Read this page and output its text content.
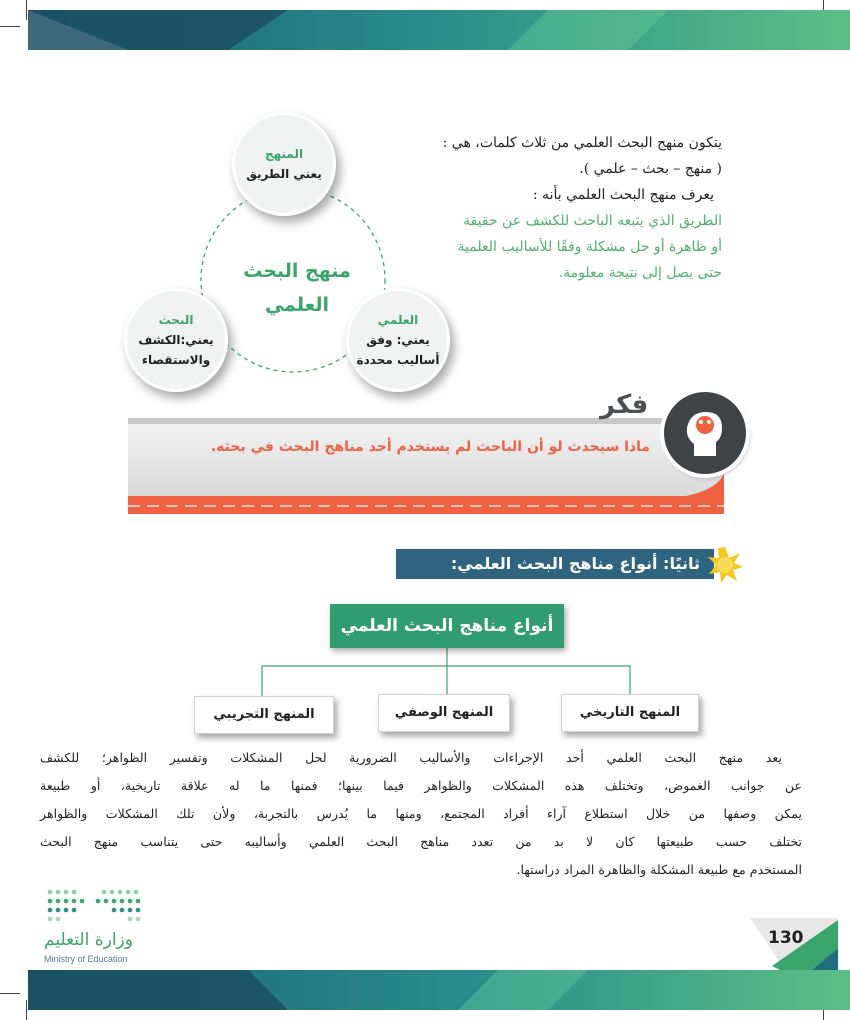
يتكون منهج البحث العلمي من ثلاث كلمات، هي :
( منهج – بحث – علمي ).
يعرف منهج البحث العلمي بأنه :
الطريق الذي يتبعه الباحث للكشف عن حقيقة
أو ظاهرة أو حل مشكلة وفقًا للأساليب العلمية
حتى يصل إلى نتيجة معلومة.
منهج البحث
العلمي
المنهج
يعني الطريق
البحث
يعني:الكشف
والاستقصاء
العلمي
يعني: وفق
أساليب محددة
فكر
ماذا سيحدث لو أن الباحث لم يستخدم أحد مناهج البحث في بحثه.
ثانيًا: أنواع مناهج البحث العلمي:
أنواع مناهج البحث العلمي
المنهج التاريخي
المنهج الوصفي
المنهج التجريبي
يعد منهج البحث العلمي أحد الإجراءات والأساليب الضرورية لحل المشكلات وتفسير الظواهر؛ للكشف
عن جوانب الغموض، وتختلف هذه المشكلات والظواهر فيما بينها؛ فمنها ما له علاقة تاريخية، أو طبيعة
يمكن وصفها من خلال استطلاع آراء أفراد المجتمع، ومنها ما يُدرس بالتجربة، ولأن تلك المشكلات والظواهر
تختلف حسب طبيعتها كان لا بد من تعدد مناهج البحث العلمي وأساليبه حتى يتناسب منهج البحث
المستخدم مع طبيعة المشكلة والظاهرة المراد دراستها.
وزارة التعليم
Ministry of Education
130
